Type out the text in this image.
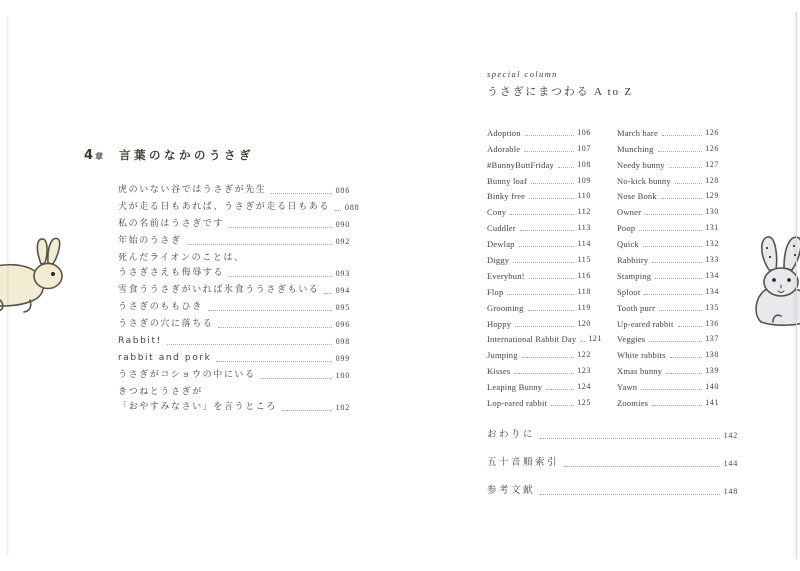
4章 言葉のなかのうさぎ
虎のいない谷ではうさぎが先生	086
犬が走る日もあれば、うさぎが走る日もある 088
私の名前はうさぎです	090
年始のうさぎ	092
死んだライオンのことは、
うさぎさえも侮辱する	093
雪食ううさぎがいれば氷食ううさぎもいる 094
うさぎのももひき	095
うさぎの穴に落ちる	096
Rabbit!	098
rabbit and pork	099
うさぎがコショウの中にいる	100
きつねとうさぎが
「おやすみなさい」を言うところ	102
special column
うさぎにまつわる A to Z
Adoption	106
Adorable	107
#BunnyButtFriday	108
Bunny loaf	109
Binky free	110
Cony	112
Cuddler	113
Dewlap	114
Diggy	115
Everybun!	116
Flop	118
Grooming	119
Hoppy	120
International Rabbit Day 121
Jumping	122
Kisses	123
Leaping Bunny	124
Lop-eared rabbit	125
March hare	126
Munching	126
Needy bunny	127
No-kick bunny	128
Nose Bonk	129
Owner	130
Poop	131
Quick	132
Rabbitry	133
Stamping	134
Sploot	134
Tooth purr	135
Up-eared rabbit	136
Veggies	137
White rabbits	138
Xmas bunny	139
Yawn	140
Zoomies	141
おわりに	142
五十音順索引	144
参考文献	148
